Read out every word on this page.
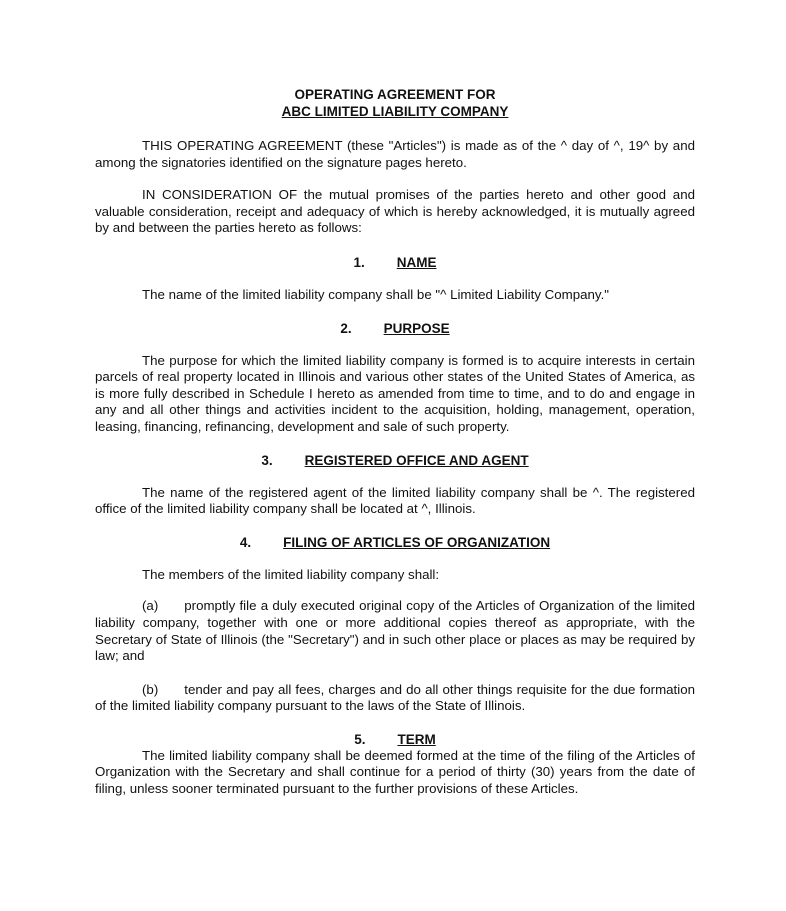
OPERATING AGREEMENT FOR

ABC LIMITED LIABILITY COMPANY

THIS OPERATING AGREEMENT (these "Articles") is made as of the ^ day of ^, 19^ by and among the signatories identified on the signature pages hereto.

IN CONSIDERATION OF the mutual promises of the parties hereto and other good and valuable consideration, receipt and adequacy of which is hereby acknowledged, it is mutually agreed by and between the parties hereto as follows:

1. NAME

The name of the limited liability company shall be "^ Limited Liability Company."

2. PURPOSE

The purpose for which the limited liability company is formed is to acquire interests in certain parcels of real property located in Illinois and various other states of the United States of America, as is more fully described in Schedule I hereto as amended from time to time, and to do and engage in any and all other things and activities incident to the acquisition, holding, management, operation, leasing, financing, refinancing, development and sale of such property.

3. REGISTERED OFFICE AND AGENT

The name of the registered agent of the limited liability company shall be ^. The registered office of the limited liability company shall be located at ^, Illinois.

4. FILING OF ARTICLES OF ORGANIZATION

The members of the limited liability company shall:

(a) promptly file a duly executed original copy of the Articles of Organization of the limited liability company, together with one or more additional copies thereof as appropriate, with the Secretary of State of Illinois (the "Secretary") and in such other place or places as may be required by law; and

(b) tender and pay all fees, charges and do all other things requisite for the due formation of the limited liability company pursuant to the laws of the State of Illinois.

5. TERM

The limited liability company shall be deemed formed at the time of the filing of the Articles of Organization with the Secretary and shall continue for a period of thirty (30) years from the date of filing, unless sooner terminated pursuant to the further provisions of these Articles.
